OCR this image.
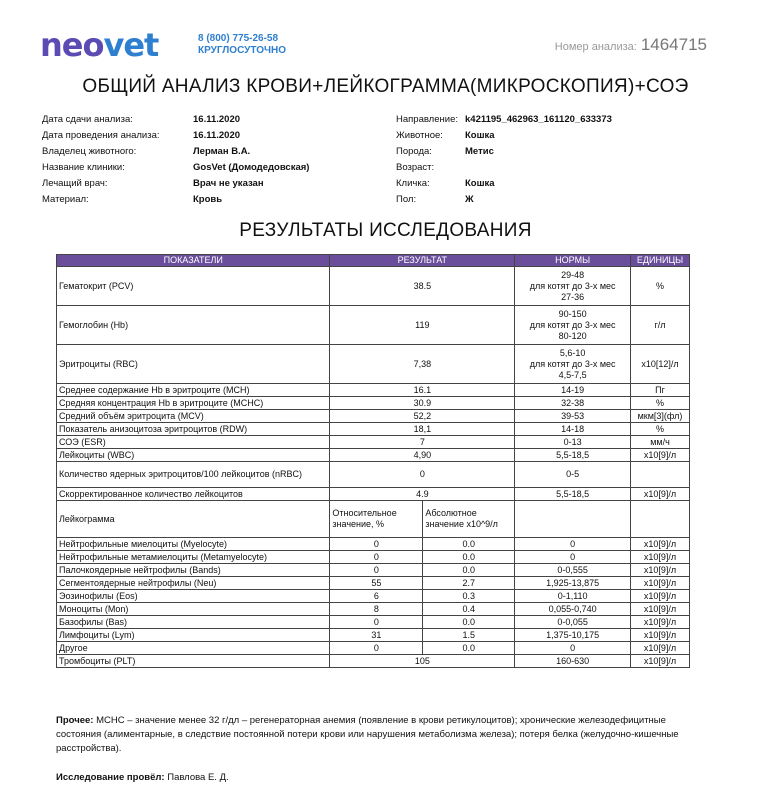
neo vet	8 (800) 775-26-58
КРУГЛОСУТОЧНО	Номер анализа: 1464715
ОБЩИЙ АНАЛИЗ КРОВИ+ЛЕЙКОГРАММА(МИКРОСКОПИЯ)+СОЭ
Дата сдачи анализа:	16.11.2020
Дата проведения анализа:	16.11.2020
Владелец животного:	Лерман В.А.
Название клиники:	GosVet (Домодедовская)
Лечащий врач:	Врач не указан
Материал:	Кровь
Направление: k421195_462963_161120_633373
Животное:	Кошка
Порода:	Метис
Возраст:
Кличка:	Кошка
Пол:	Ж
РЕЗУЛЬТАТЫ ИССЛЕДОВАНИЯ
ПОКАЗАТЕЛИ	РЕЗУЛЬТАТ		НОРМЫ	ЕДИНИЦЫ
Гематокрит (PCV)	38.5		29-48
для котят до 3-х мес
27-36	%
Гемоглобин (Hb)	119		90-150
для котят до 3-х мес
80-120	г/л
Эритроциты (RBC)	7,38		5,6-10
для котят до 3-х мес
4,5-7,5	x10[12]/л
Среднее содержание Hb в эритроците (MCH)	16.1		14-19	Пг
Средняя концентрация Hb в эритроците (MCHC)	30.9		32-38	%
Средний объём эритроцита (MCV)	52,2		39-53	мкм[3](фл)
Показатель анизоцитоза эритроцитов (RDW)	18,1		14-18	%
СОЭ (ESR)	7		0-13	мм/ч
Лейкоциты (WBC)	4,90		5,5-18,5	x10[9]/л
Количество ядерных эритроцитов/100 лейкоцитов (nRBC)	0		0-5	

Скорректированное количество лейкоцитов	4.9		5,5-18,5	x10[9]/л
Лейкограмма	Относительное значение, %	Абсолютное значение x10^9/л		
Нейтрофильные миелоциты (Myelocyte)	0	0.0	0	x10[9]/л
Нейтрофильные метамиелоциты (Metamyelocyte)	0	0.0	0	x10[9]/л
Палочкоядерные нейтрофилы (Bands)	0	0.0	0-0,555	x10[9]/л
Сегментоядерные нейтрофилы (Neu)	55	2.7	1,925-13,875	x10[9]/л
Эозинофилы (Eos)	6	0.3	0-1,110	x10[9]/л
Моноциты (Mon)	8	0.4	0,055-0,740	x10[9]/л
Базофилы (Bas)	0	0.0	0-0,055	x10[9]/л
Лимфоциты (Lym)	31	1.5	1,375-10,175	x10[9]/л
Другое	0	0.0	0	x10[9]/л
Тромбоциты (PLT)	105		160-630	x10[9]/л
Прочее: MCHC – значение менее 32 г/дл – регенераторная анемия (появление в крови ретикулоцитов); хронические железодефицитные состояния (алиментарные, в следствие постоянной потери крови или нарушения метаболизма железа); потеря белка (желудочно-кишечные расстройства).
Исследование провёл: Павлова Е. Д.
